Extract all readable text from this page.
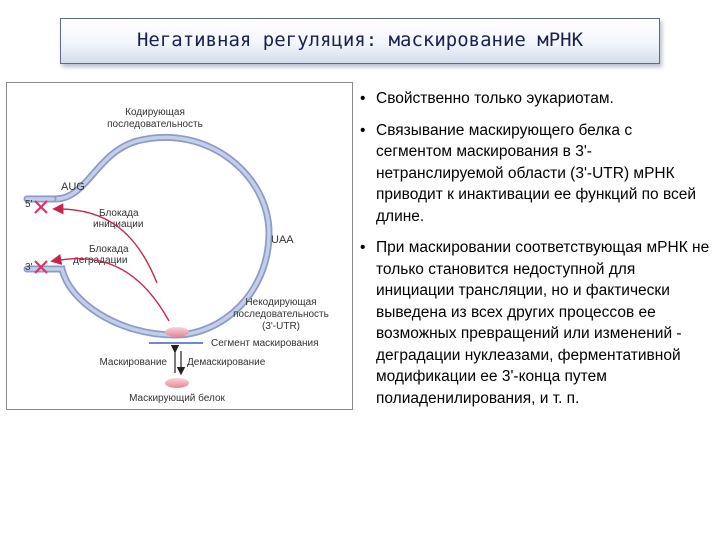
Негативная регуляция: маскирование мРНК
Кодирующая
последовательность
AUG
5'
3'
Блокада
инициации
Блокада
деградации
UAA
Некодирующая
последовательность
(3'-UTR)
Сегмент маскирования
Маскирование Демаскирование
Маскирующий белок
• Свойственно только эукариотам.
• Связывание маскирующего белка с сегментом маскирования в 3'-нетранслируемой области (3'-UTR) мРНК приводит к инактивации ее функций по всей длине.
• При маскировании соответствующая мРНК не только становится недоступной для инициации трансляции, но и фактически выведена из всех других процессов ее возможных превращений или изменений - деградации нуклеазами, ферментативной модификации ее 3'-конца путем полиаденилирования, и т. п.
